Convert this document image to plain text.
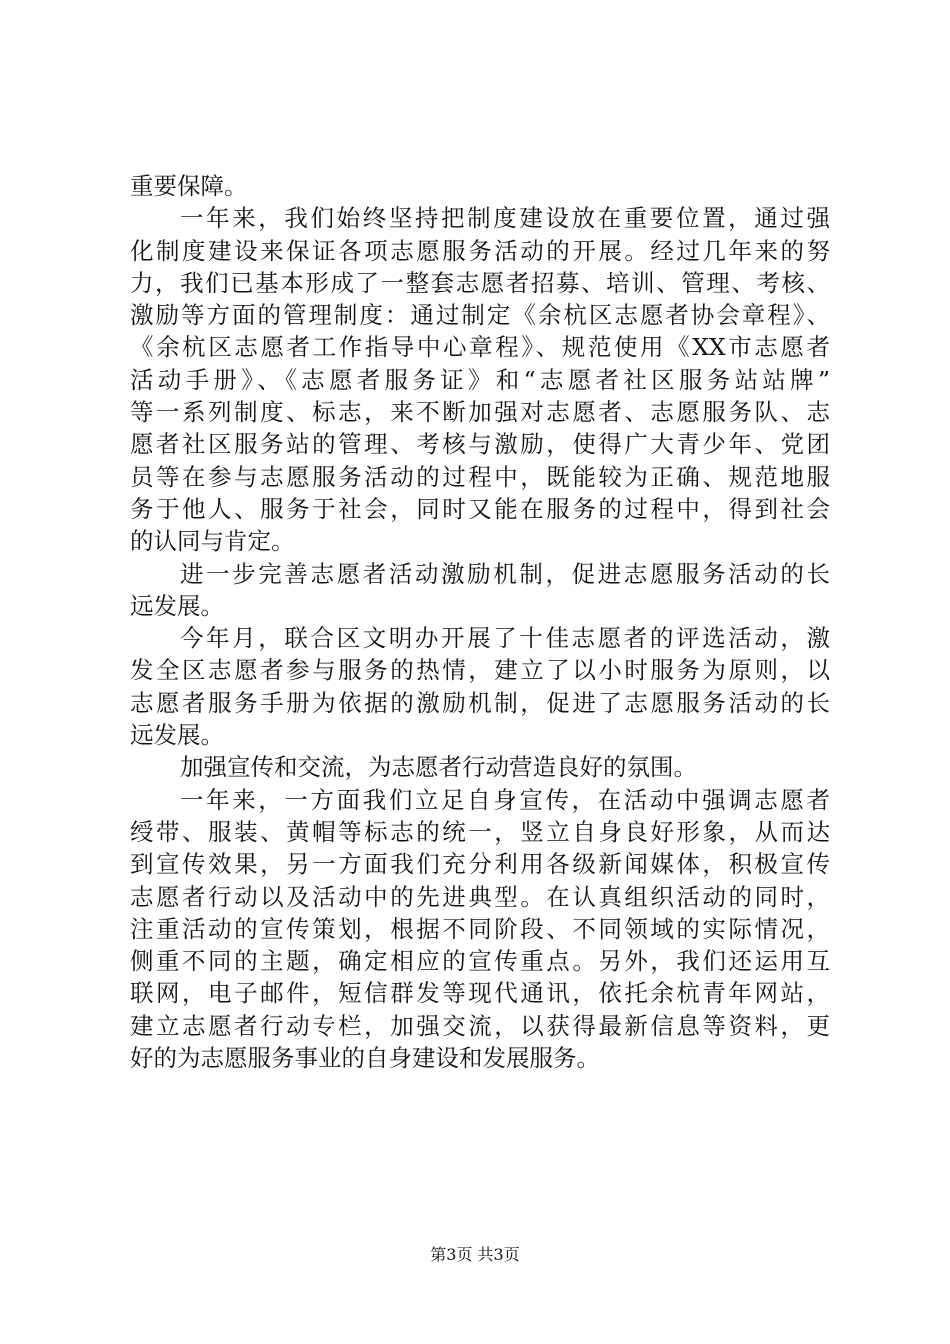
重要保障。
一年来，我们始终坚持把制度建设放在重要位置，通过强
化制度建设来保证各项志愿服务活动的开展。经过几年来的努
力，我们已基本形成了一整套志愿者招募、培训、管理、考核、
激励等方面的管理制度：通过制定《余杭区志愿者协会章程》、
《余杭区志愿者工作指导中心章程》、规范使用《XX市志愿者
活动手册》、《志愿者服务证》和“志愿者社区服务站站牌”
等一系列制度、标志，来不断加强对志愿者、志愿服务队、志
愿者社区服务站的管理、考核与激励，使得广大青少年、党团
员等在参与志愿服务活动的过程中，既能较为正确、规范地服
务于他人、服务于社会，同时又能在服务的过程中，得到社会
的认同与肯定。
进一步完善志愿者活动激励机制，促进志愿服务活动的长
远发展。
今年月，联合区文明办开展了十佳志愿者的评选活动，激
发全区志愿者参与服务的热情，建立了以小时服务为原则，以
志愿者服务手册为依据的激励机制，促进了志愿服务活动的长
远发展。
加强宣传和交流，为志愿者行动营造良好的氛围。
一年来，一方面我们立足自身宣传，在活动中强调志愿者
绶带、服装、黄帽等标志的统一，竖立自身良好形象，从而达
到宣传效果，另一方面我们充分利用各级新闻媒体，积极宣传
志愿者行动以及活动中的先进典型。在认真组织活动的同时，
注重活动的宣传策划，根据不同阶段、不同领域的实际情况，
侧重不同的主题，确定相应的宣传重点。另外，我们还运用互
联网，电子邮件，短信群发等现代通讯，依托余杭青年网站，
建立志愿者行动专栏，加强交流，以获得最新信息等资料，更
好的为志愿服务事业的自身建设和发展服务。
第3页 共3页
